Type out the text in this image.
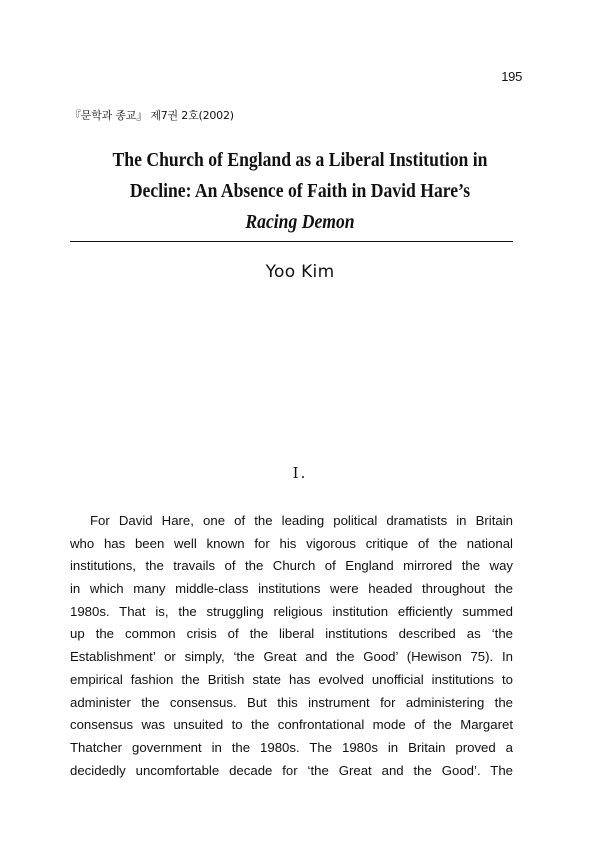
195
『문학과 종교』 제7권 2호(2002)
The Church of England as a Liberal Institution in
Decline: An Absence of Faith in David Hare’s
Racing Demon
Yoo Kim
I.
For David Hare, one of the leading political dramatists in Britain
who has been well known for his vigorous critique of the national
institutions, the travails of the Church of England mirrored the way
in which many middle-class institutions were headed throughout the
1980s. That is, the struggling religious institution efficiently summed
up the common crisis of the liberal institutions described as ‘the
Establishment’ or simply, ‘the Great and the Good’ (Hewison 75). In
empirical fashion the British state has evolved unofficial institutions to
administer the consensus. But this instrument for administering the
consensus was unsuited to the confrontational mode of the Margaret
Thatcher government in the 1980s. The 1980s in Britain proved a
decidedly uncomfortable decade for ‘the Great and the Good’. The
